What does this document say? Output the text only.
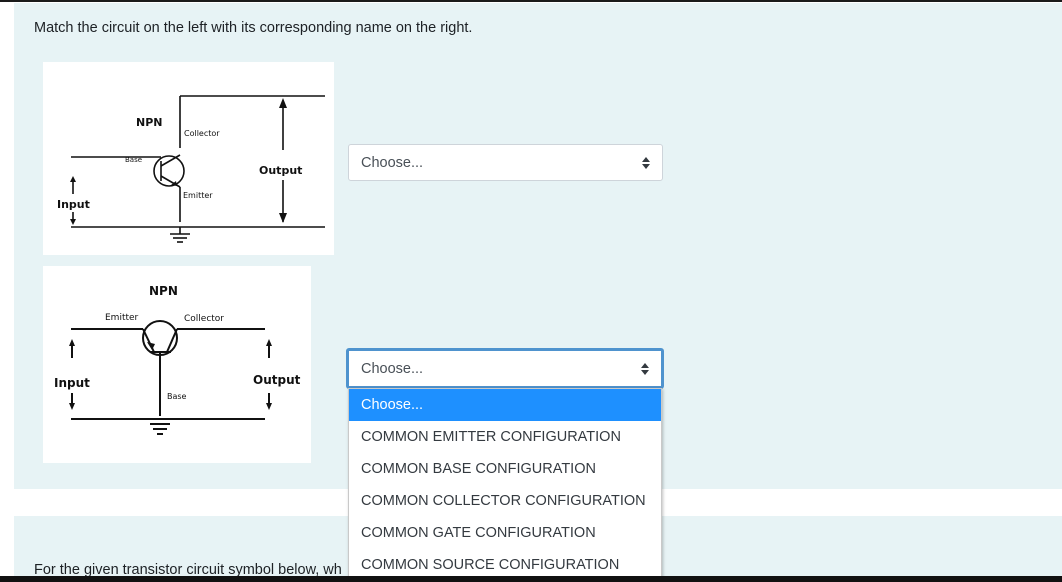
Match the circuit on the left with its corresponding name on the right.
NPN
Collector
Base
Emitter
Output
Input
NPN
Emitter	Collector
Base
Input	Output
For the given transistor circuit symbol below, wh
Choose...
Choose...
Choose...
COMMON EMITTER CONFIGURATION
COMMON BASE CONFIGURATION
COMMON COLLECTOR CONFIGURATION
COMMON GATE CONFIGURATION
COMMON SOURCE CONFIGURATION
